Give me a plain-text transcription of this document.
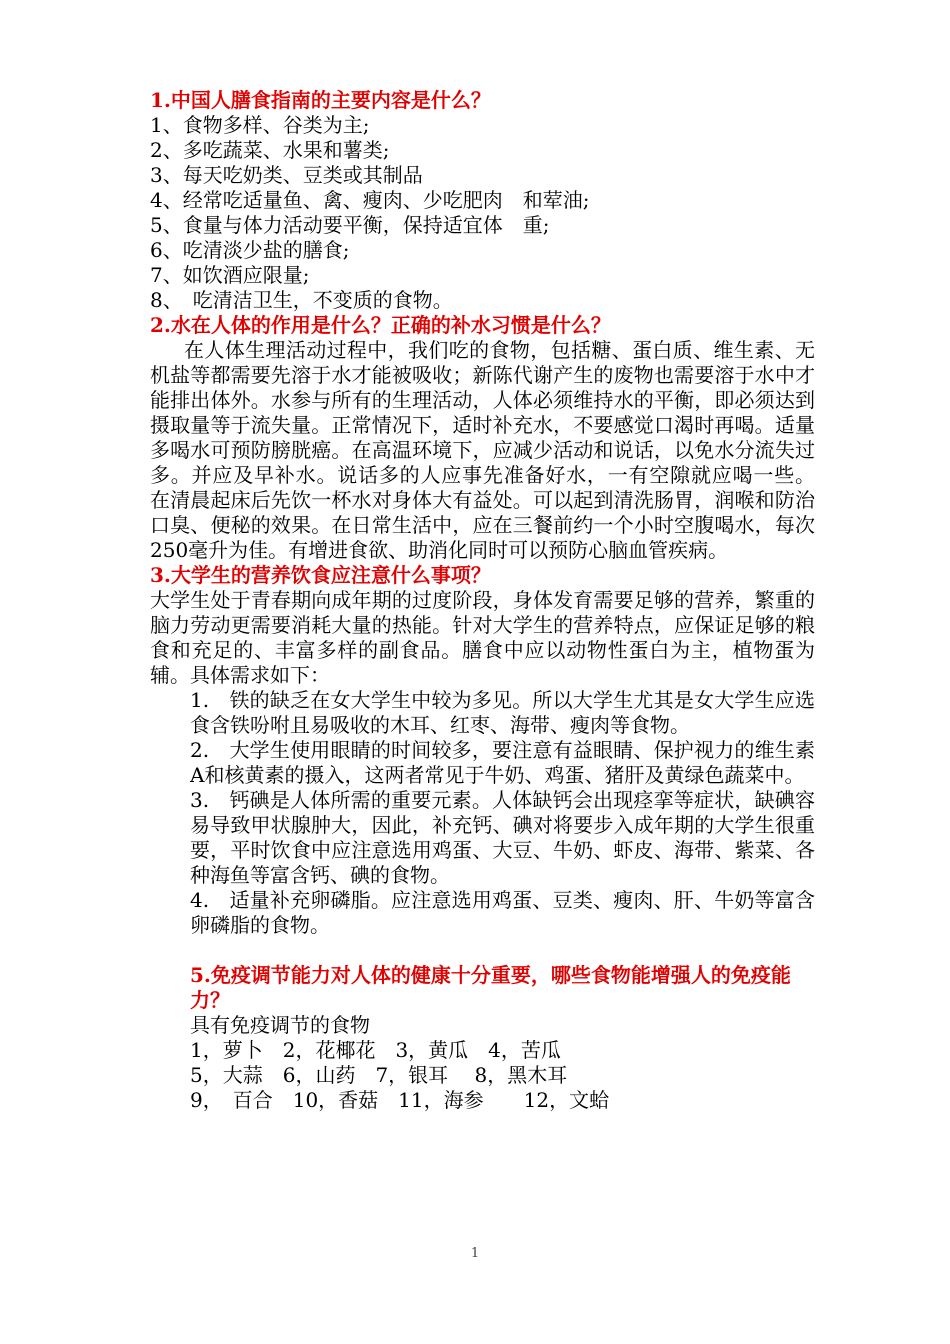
1.中国人膳食指南的主要内容是什么？
1、食物多样、谷类为主;
2、多吃蔬菜、水果和薯类;
3、每天吃奶类、豆类或其制品
4、经常吃适量鱼、禽、瘦肉、少吃肥肉　和荤油;
5、食量与体力活动要平衡，保持适宜体　重;
6、吃清淡少盐的膳食;
7、如饮酒应限量;
8、　吃清洁卫生，不变质的食物。
2.水在人体的作用是什么？正确的补水习惯是什么？
在人体生理活动过程中，我们吃的食物，包括糖、蛋白质、维生素、无机盐等都需要先溶于水才能被吸收；新陈代谢产生的废物也需要溶于水中才能排出体外。水参与所有的生理活动，人体必须维持水的平衡，即必须达到摄取量等于流失量。正常情况下，适时补充水，不要感觉口渴时再喝。适量多喝水可预防膀胱癌。在高温环境下，应减少活动和说话，以免水分流失过多。并应及早补水。说话多的人应事先准备好水，一有空隙就应喝一些。 在清晨起床后先饮一杯水对身体大有益处。可以起到清洗肠胃，润喉和防治口臭、便秘的效果。在日常生活中，应在三餐前约一个小时空腹喝水，每次250毫升为佳。有增进食欲、助消化同时可以预防心脑血管疾病。
3.大学生的营养饮食应注意什么事项？
大学生处于青春期向成年期的过度阶段，身体发育需要足够的营养，繁重的脑力劳动更需要消耗大量的热能。针对大学生的营养特点，应保证足够的粮食和充足的、丰富多样的副食品。膳食中应以动物性蛋白为主，植物蛋为辅。具体需求如下：
1.　铁的缺乏在女大学生中较为多见。所以大学生尤其是女大学生应选食含铁吩咐且易吸收的木耳、红枣、海带、瘦肉等食物。
2.　大学生使用眼睛的时间较多，要注意有益眼睛、保护视力的维生素A和核黄素的摄入，这两者常见于牛奶、鸡蛋、猪肝及黄绿色蔬菜中。
3.　钙碘是人体所需的重要元素。人体缺钙会出现痉挛等症状，缺碘容易导致甲状腺肿大，因此，补充钙、碘对将要步入成年期的大学生很重要，平时饮食中应注意选用鸡蛋、大豆、牛奶、虾皮、海带、紫菜、各种海鱼等富含钙、碘的食物。
4.　适量补充卵磷脂。应注意选用鸡蛋、豆类、瘦肉、肝、牛奶等富含卵磷脂的食物。
5.免疫调节能力对人体的健康十分重要，哪些食物能增强人的免疫能力？
具有免疫调节的食物
1，萝卜　2，花椰花　3，黄瓜　4，苦瓜
5，大蒜　6，山药　7，银耳　 8，黑木耳
9，　百合　10，香菇　11，海参　　12，文蛤
1
